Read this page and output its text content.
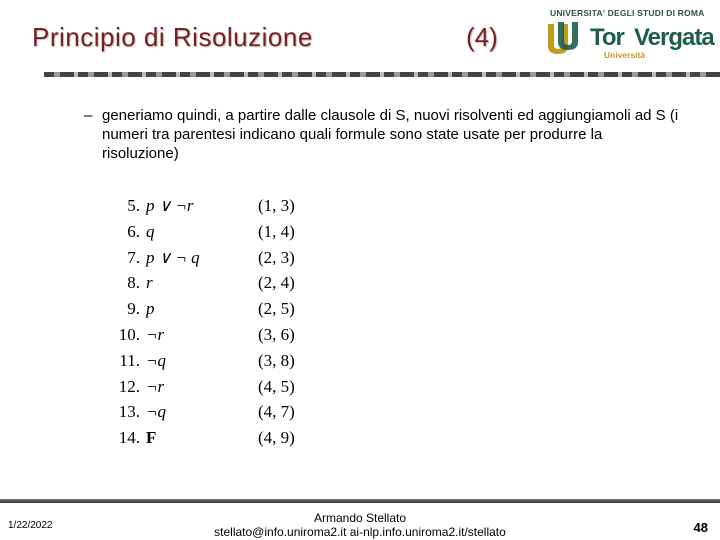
Principio di Risoluzione	(4)
UNIVERSITA' DEGLI STUDI DI ROMA
Tor Vergata
Università
– generiamo quindi, a partire dalle clausole di S, nuovi risolventi ed aggiungiamoli ad S (i numeri tra parentesi indicano quali formule sono state usate per produrre la risoluzione)
5. p ∨ ¬r	(1, 3)
6. q	(1, 4)
7. p ∨ ¬ q	(2, 3)
8. r	(2, 4)
9. p	(2, 5)
10. ¬r	(3, 6)
11. ¬q	(3, 8)
12. ¬r	(4, 5)
13. ¬q	(4, 7)
14. F	(4, 9)
1/22/2022
Armando Stellato
stellato@info.uniroma2.it ai-nlp.info.uniroma2.it/stellato	48
